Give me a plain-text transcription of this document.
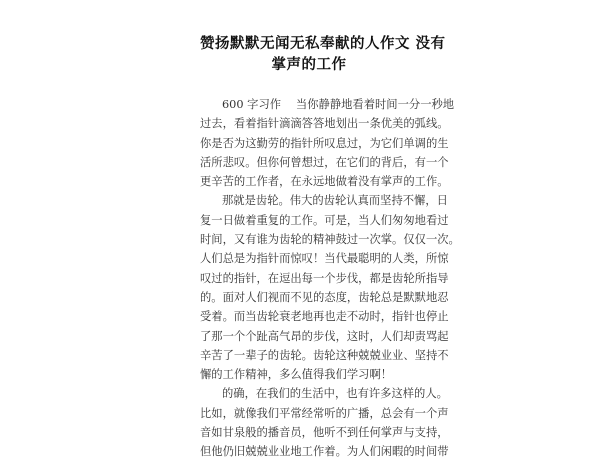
赞扬默默无闻无私奉献的人作文 没有
掌声的工作
600 字习作　 当你静静地看着时间一分一秒地
过去，看着指针滴滴答答地划出一条优美的弧线。
你是否为这勤劳的指针所叹息过，为它们单调的生
活所悲叹。但你何曾想过，在它们的背后，有一个
更辛苦的工作者，在永远地做着没有掌声的工作。
那就是齿轮。伟大的齿轮认真而坚持不懈，日
复一日做着重复的工作。可是，当人们匆匆地看过
时间，又有谁为齿轮的精神鼓过一次掌。仅仅一次。
人们总是为指针而惊叹！当代最聪明的人类，所惊
叹过的指针，在逗出每一个步伐，都是齿轮所指导
的。面对人们视而不见的态度，齿轮总是默默地忍
受着。而当齿轮衰老地再也走不动时，指针也停止
了那一个个趾高气昂的步伐，这时，人们却责骂起
辛苦了一辈子的齿轮。齿轮这种兢兢业业、坚持不
懈的工作精神，多么值得我们学习啊！
的确，在我们的生活中，也有许多这样的人。
比如，就像我们平常经常听的广播，总会有一个声
音如甘泉般的播音员，他听不到任何掌声与支持，
但他仍旧兢兢业业地工作着。为人们闲暇的时间带
